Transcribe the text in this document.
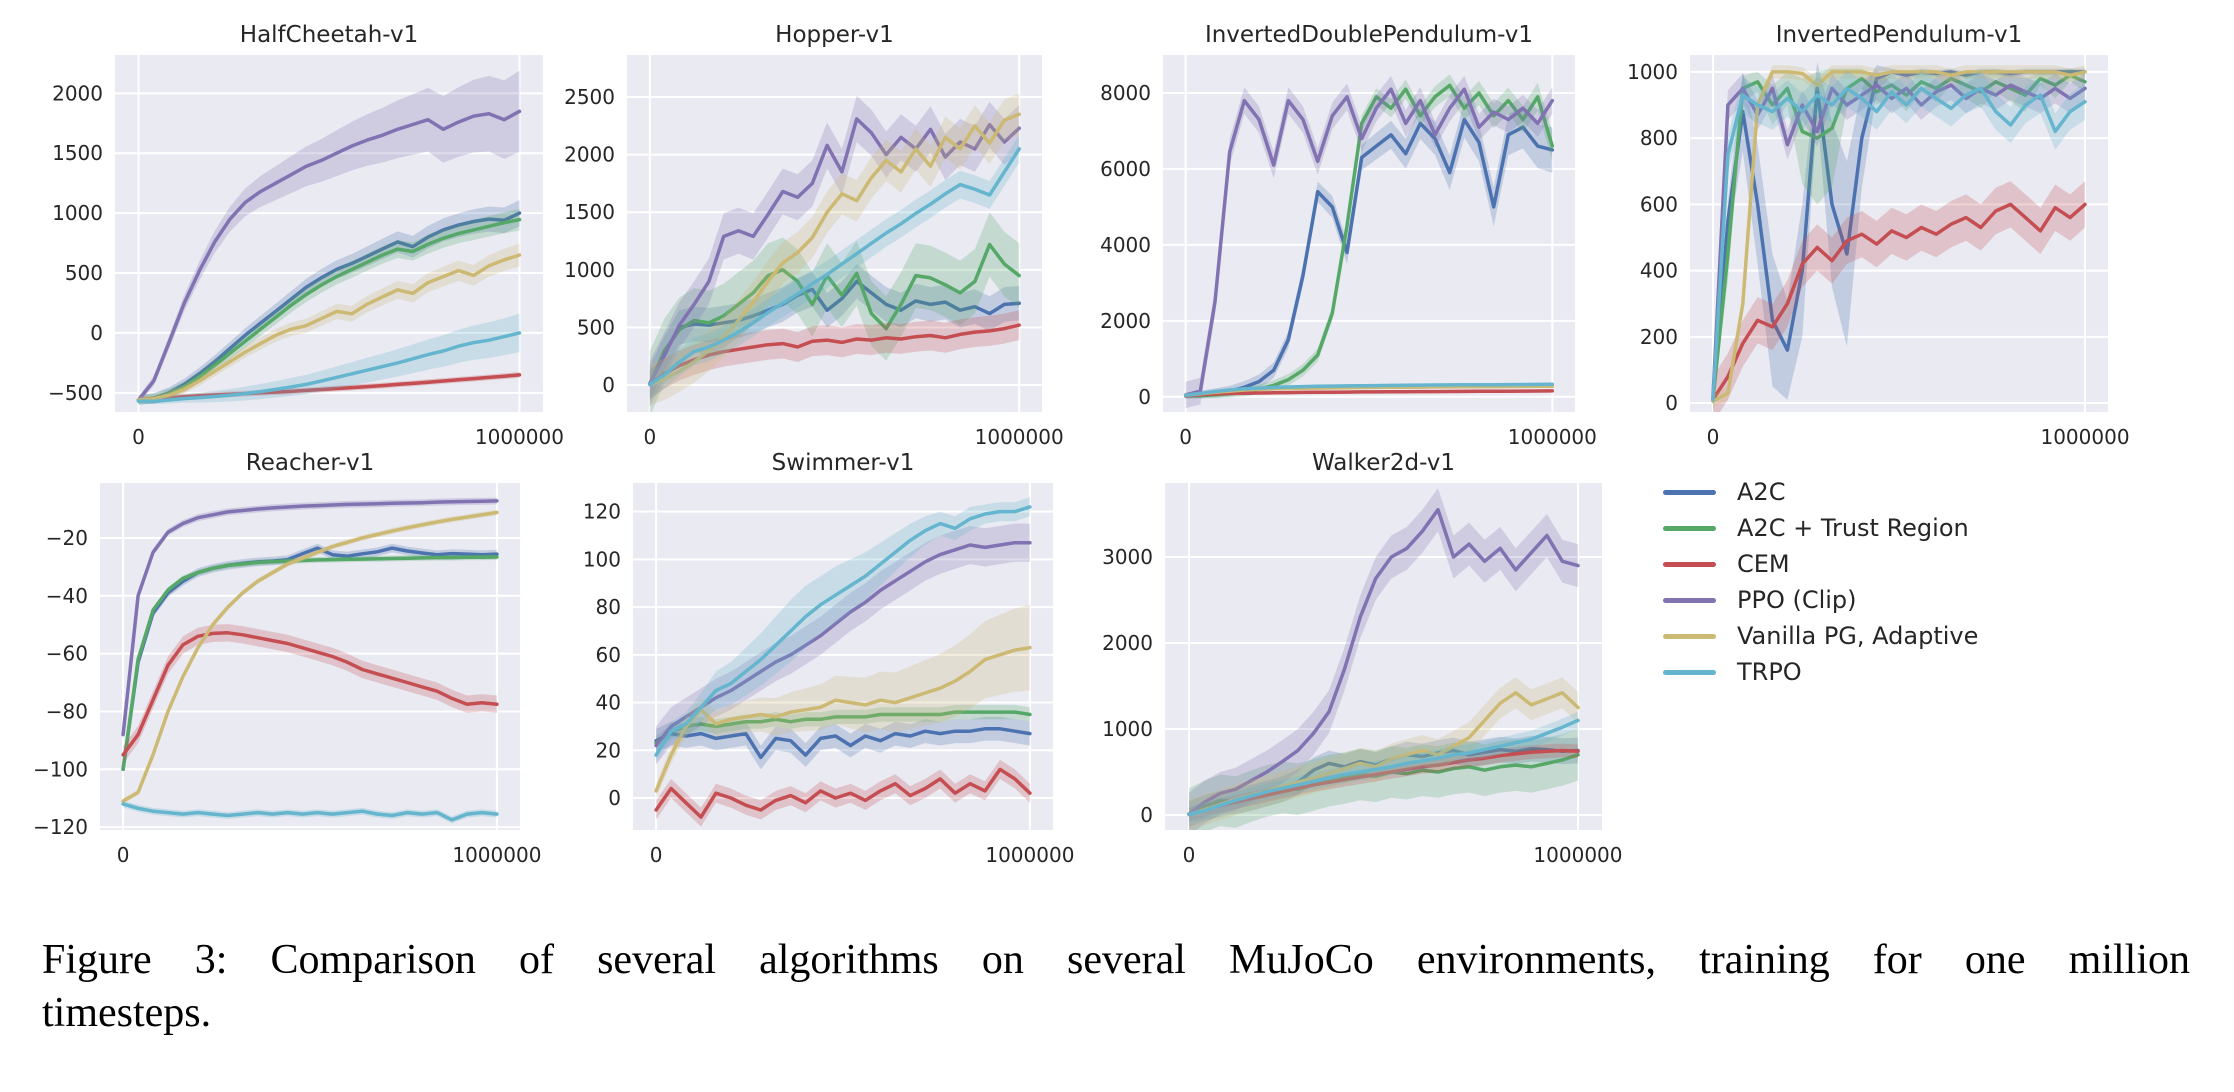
0	1000000
−500
0
500
1000
1500
2000
HalfCheetah-v1
0	1000000
0
500
1000
1500
2000
2500
Hopper-v1
0	1000000
0
2000
4000
6000
8000
InvertedDoublePendulum-v1
0	1000000
0
200
400
600
800
1000
InvertedPendulum-v1
0	1000000
−120
−100
−80
−60
−40
−20
Reacher-v1
0	1000000
0
20
40
60
80
100
120
Swimmer-v1
0	1000000
0
1000
2000
3000
Walker2d-v1
A2C
A2C + Trust Region
CEM
PPO (Clip)
Vanilla PG, Adaptive
TRPO
Figure 3: Comparison of several algorithms on several MuJoCo environments, training for one million
timesteps.
